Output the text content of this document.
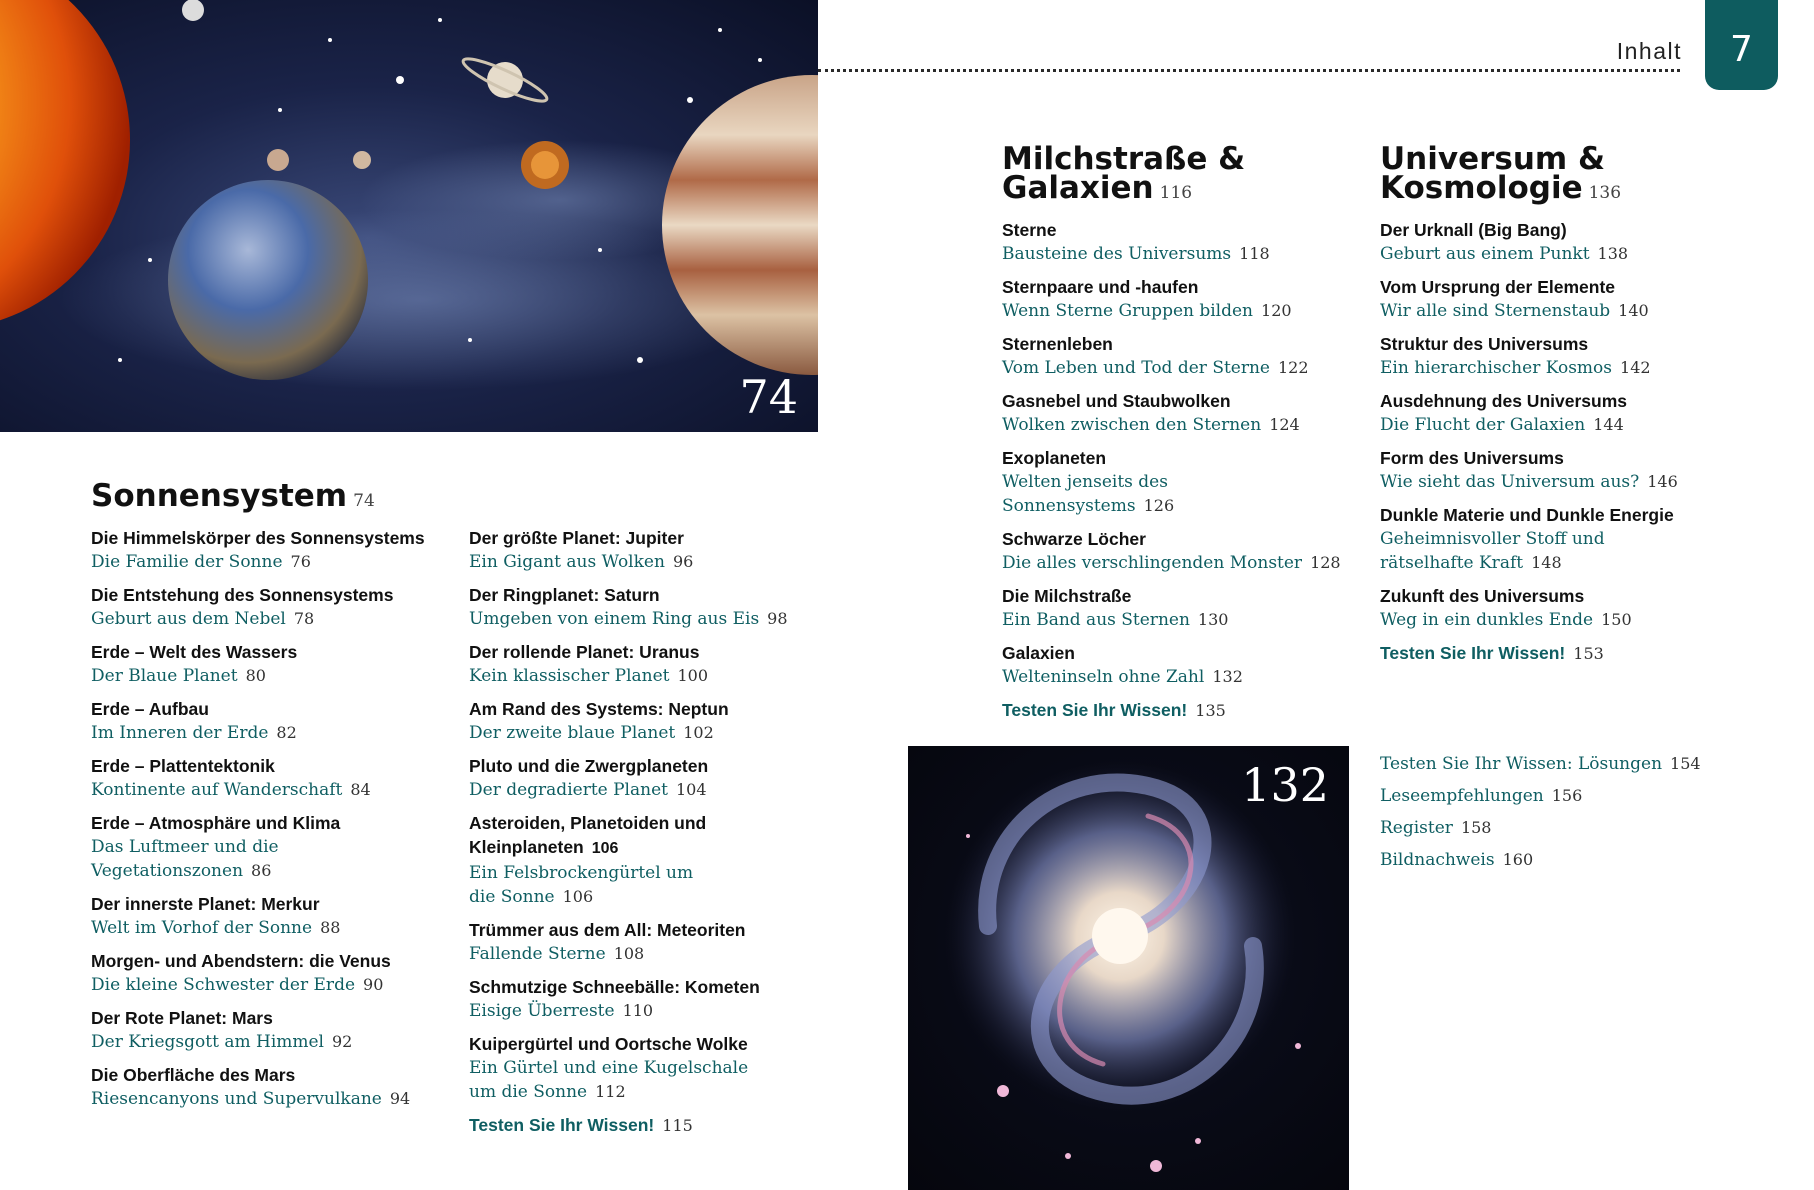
74
Inhalt 7
Sonnensystem 74
Die Himmelskörper des Sonnensystems
Die Familie der Sonne 76
Die Entstehung des Sonnensystems
Geburt aus dem Nebel 78
Erde – Welt des Wassers
Der Blaue Planet 80
Erde – Aufbau
Im Inneren der Erde 82
Erde – Plattentektonik
Kontinente auf Wanderschaft 84
Erde – Atmosphäre und Klima
Das Luftmeer und die Vegetationszonen 86
Der innerste Planet: Merkur
Welt im Vorhof der Sonne 88
Morgen- und Abendstern: die Venus
Die kleine Schwester der Erde 90
Der Rote Planet: Mars
Der Kriegsgott am Himmel 92
Die Oberfläche des Mars
Riesencanyons und Supervulkane 94
Der größte Planet: Jupiter
Ein Gigant aus Wolken 96
Der Ringplanet: Saturn
Umgeben von einem Ring aus Eis 98
Der rollende Planet: Uranus
Kein klassischer Planet 100
Am Rand des Systems: Neptun
Der zweite blaue Planet 102
Pluto und die Zwergplaneten
Der degradierte Planet 104
Asteroiden, Planetoiden und Kleinplaneten 106
Ein Felsbrockengürtel um die Sonne 106
Trümmer aus dem All: Meteoriten
Fallende Sterne 108
Schmutzige Schneebälle: Kometen
Eisige Überreste 110
Kuipergürtel und Oortsche Wolke
Ein Gürtel und eine Kugelschale um die Sonne 112
Testen Sie Ihr Wissen! 115
Milchstraße &
Galaxien 116
Sterne
Bausteine des Universums 118
Sternpaare und -haufen
Wenn Sterne Gruppen bilden 120
Sternenleben
Vom Leben und Tod der Sterne 122
Gasnebel und Staubwolken
Wolken zwischen den Sternen 124
Exoplaneten
Welten jenseits des Sonnensystems 126
Schwarze Löcher
Die alles verschlingenden Monster 128
Die Milchstraße
Ein Band aus Sternen 130
Galaxien
Welteninseln ohne Zahl 132
Testen Sie Ihr Wissen! 135
Universum &
Kosmologie 136
Der Urknall (Big Bang)
Geburt aus einem Punkt 138
Vom Ursprung der Elemente
Wir alle sind Sternenstaub 140
Struktur des Universums
Ein hierarchischer Kosmos 142
Ausdehnung des Universums
Die Flucht der Galaxien 144
Form des Universums
Wie sieht das Universum aus? 146
Dunkle Materie und Dunkle Energie
Geheimnisvoller Stoff und rätselhafte Kraft 148
Zukunft des Universums
Weg in ein dunkles Ende 150
Testen Sie Ihr Wissen! 153
Testen Sie Ihr Wissen: Lösungen 154
Leseempfehlungen 156
Register 158
Bildnachweis 160
132
